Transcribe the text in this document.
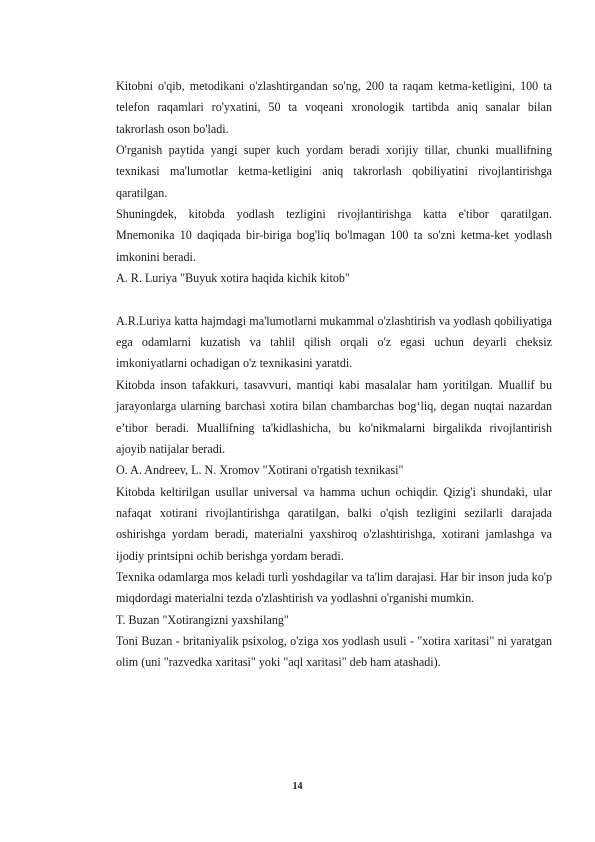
Kitobni o'qib, metodikani o'zlashtirgandan so'ng, 200 ta raqam ketma-ketligini, 100 ta telefon raqamlari ro'yxatini, 50 ta voqeani xronologik tartibda aniq sanalar bilan takrorlash oson bo'ladi.

O'rganish paytida yangi super kuch yordam beradi xorijiy tillar, chunki muallifning texnikasi ma'lumotlar ketma-ketligini aniq takrorlash qobiliyatini rivojlantirishga qaratilgan.

Shuningdek, kitobda yodlash tezligini rivojlantirishga katta e'tibor qaratilgan. Mnemonika 10 daqiqada bir-biriga bog'liq bo'lmagan 100 ta so'zni ketma-ket yodlash imkonini beradi.

A. R. Luriya "Buyuk xotira haqida kichik kitob"

A.R.Luriya katta hajmdagi ma'lumotlarni mukammal o'zlashtirish va yodlash qobiliyatiga ega odamlarni kuzatish va tahlil qilish orqali o'z egasi uchun deyarli cheksiz imkoniyatlarni ochadigan o'z texnikasini yaratdi.

Kitobda inson tafakkuri, tasavvuri, mantiqi kabi masalalar ham yoritilgan. Muallif bu jarayonlarga ularning barchasi xotira bilan chambarchas bog‘liq, degan nuqtai nazardan e’tibor beradi. Muallifning ta'kidlashicha, bu ko'nikmalarni birgalikda rivojlantirish ajoyib natijalar beradi.

O. A. Andreev, L. N. Xromov "Xotirani o'rgatish texnikasi"

Kitobda keltirilgan usullar universal va hamma uchun ochiqdir. Qizig'i shundaki, ular nafaqat xotirani rivojlantirishga qaratilgan, balki o'qish tezligini sezilarli darajada oshirishga yordam beradi, materialni yaxshiroq o'zlashtirishga, xotirani jamlashga va ijodiy printsipni ochib berishga yordam beradi.

Texnika odamlarga mos keladi turli yoshdagilar va ta'lim darajasi. Har bir inson juda ko'p miqdordagi materialni tezda o'zlashtirish va yodlashni o'rganishi mumkin.

T. Buzan "Xotirangizni yaxshilang"

Toni Buzan - britaniyalik psixolog, o'ziga xos yodlash usuli - "xotira xaritasi" ni yaratgan olim (uni "razvedka xaritasi" yoki "aql xaritasi" deb ham atashadi).

14
